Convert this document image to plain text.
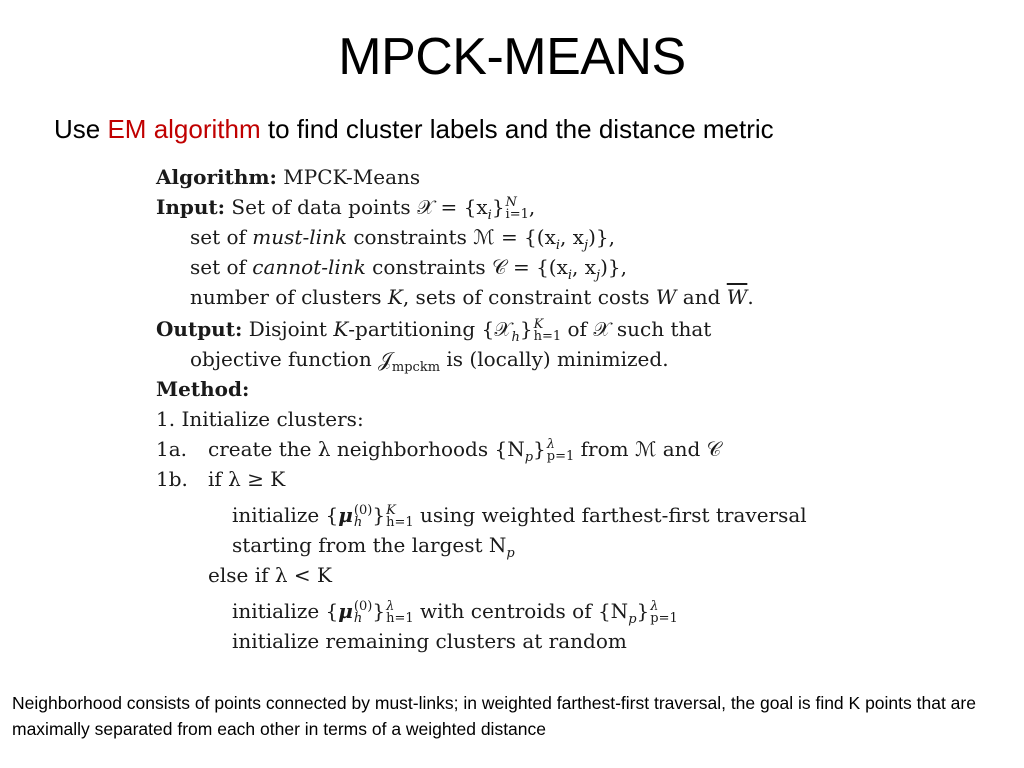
MPCK-MEANS
Use EM algorithm to find cluster labels and the distance metric
Algorithm: MPCK-Means
Input: Set of data points 𝒳 = $\{x_i\}$ N
i=1 ,
set of must-link constraints ℳ = {($x_i$, $x_j$)},
set of cannot-link constraints 𝒞 = {($x_i$, $x_j$)},
number of clusters K, sets of constraint costs W and $\overline{W}$.
Output: Disjoint K-partitioning {𝒳$_h$} K
h=1 of 𝒳 such that
objective function 𝒥$_{mpckm}$ is (locally) minimized.
Method:
1. Initialize clusters:
1a. create the λ neighborhoods $\{N_p\}$ λ
p=1 from ℳ and 𝒞
1b. if λ ≥ K
initialize {μ (0)
h } K
h=1 using weighted farthest-first traversal
starting from the largest $N_p$
else if λ < K
initialize {μ (0)
h } λ
h=1 with centroids of $\{N_p\}$ λ
p=1
initialize remaining clusters at random
Neighborhood consists of points connected by must-links; in weighted farthest-first traversal, the goal is find K points that are maximally separated from each other in terms of a weighted distance
